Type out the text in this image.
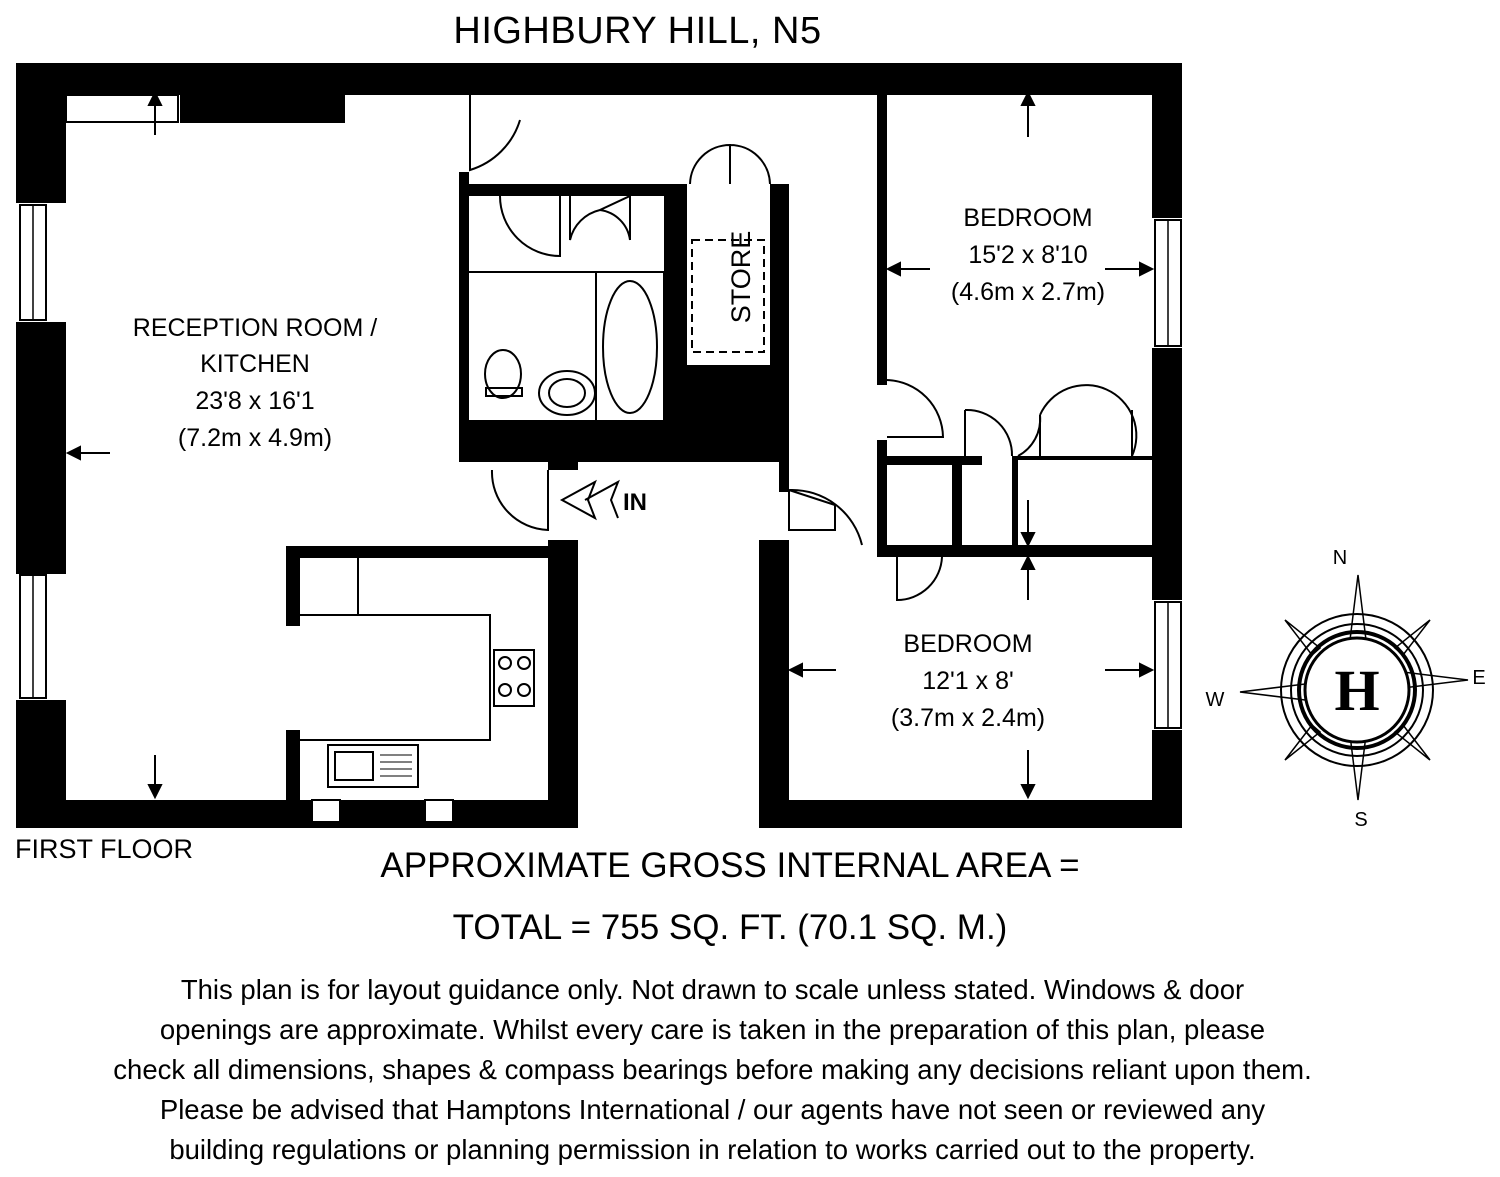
HIGHBURY HILL, N5
IN
RECEPTION ROOM /
KITCHEN
23'8 x 16'1
(7.2m x 4.9m)
BEDROOM
15'2 x 8'10
(4.6m x 2.7m)
BEDROOM
12'1 x 8'
(3.7m x 2.4m)
STORE
H
N
E
S
W
FIRST FLOOR	APPROXIMATE GROSS INTERNAL AREA =
TOTAL = 755 SQ. FT. (70.1 SQ. M.)
This plan is for layout guidance only. Not drawn to scale unless stated. Windows & door
openings are approximate. Whilst every care is taken in the preparation of this plan, please
check all dimensions, shapes & compass bearings before making any decisions reliant upon them.
Please be advised that Hamptons International / our agents have not seen or reviewed any
building regulations or planning permission in relation to works carried out to the property.
